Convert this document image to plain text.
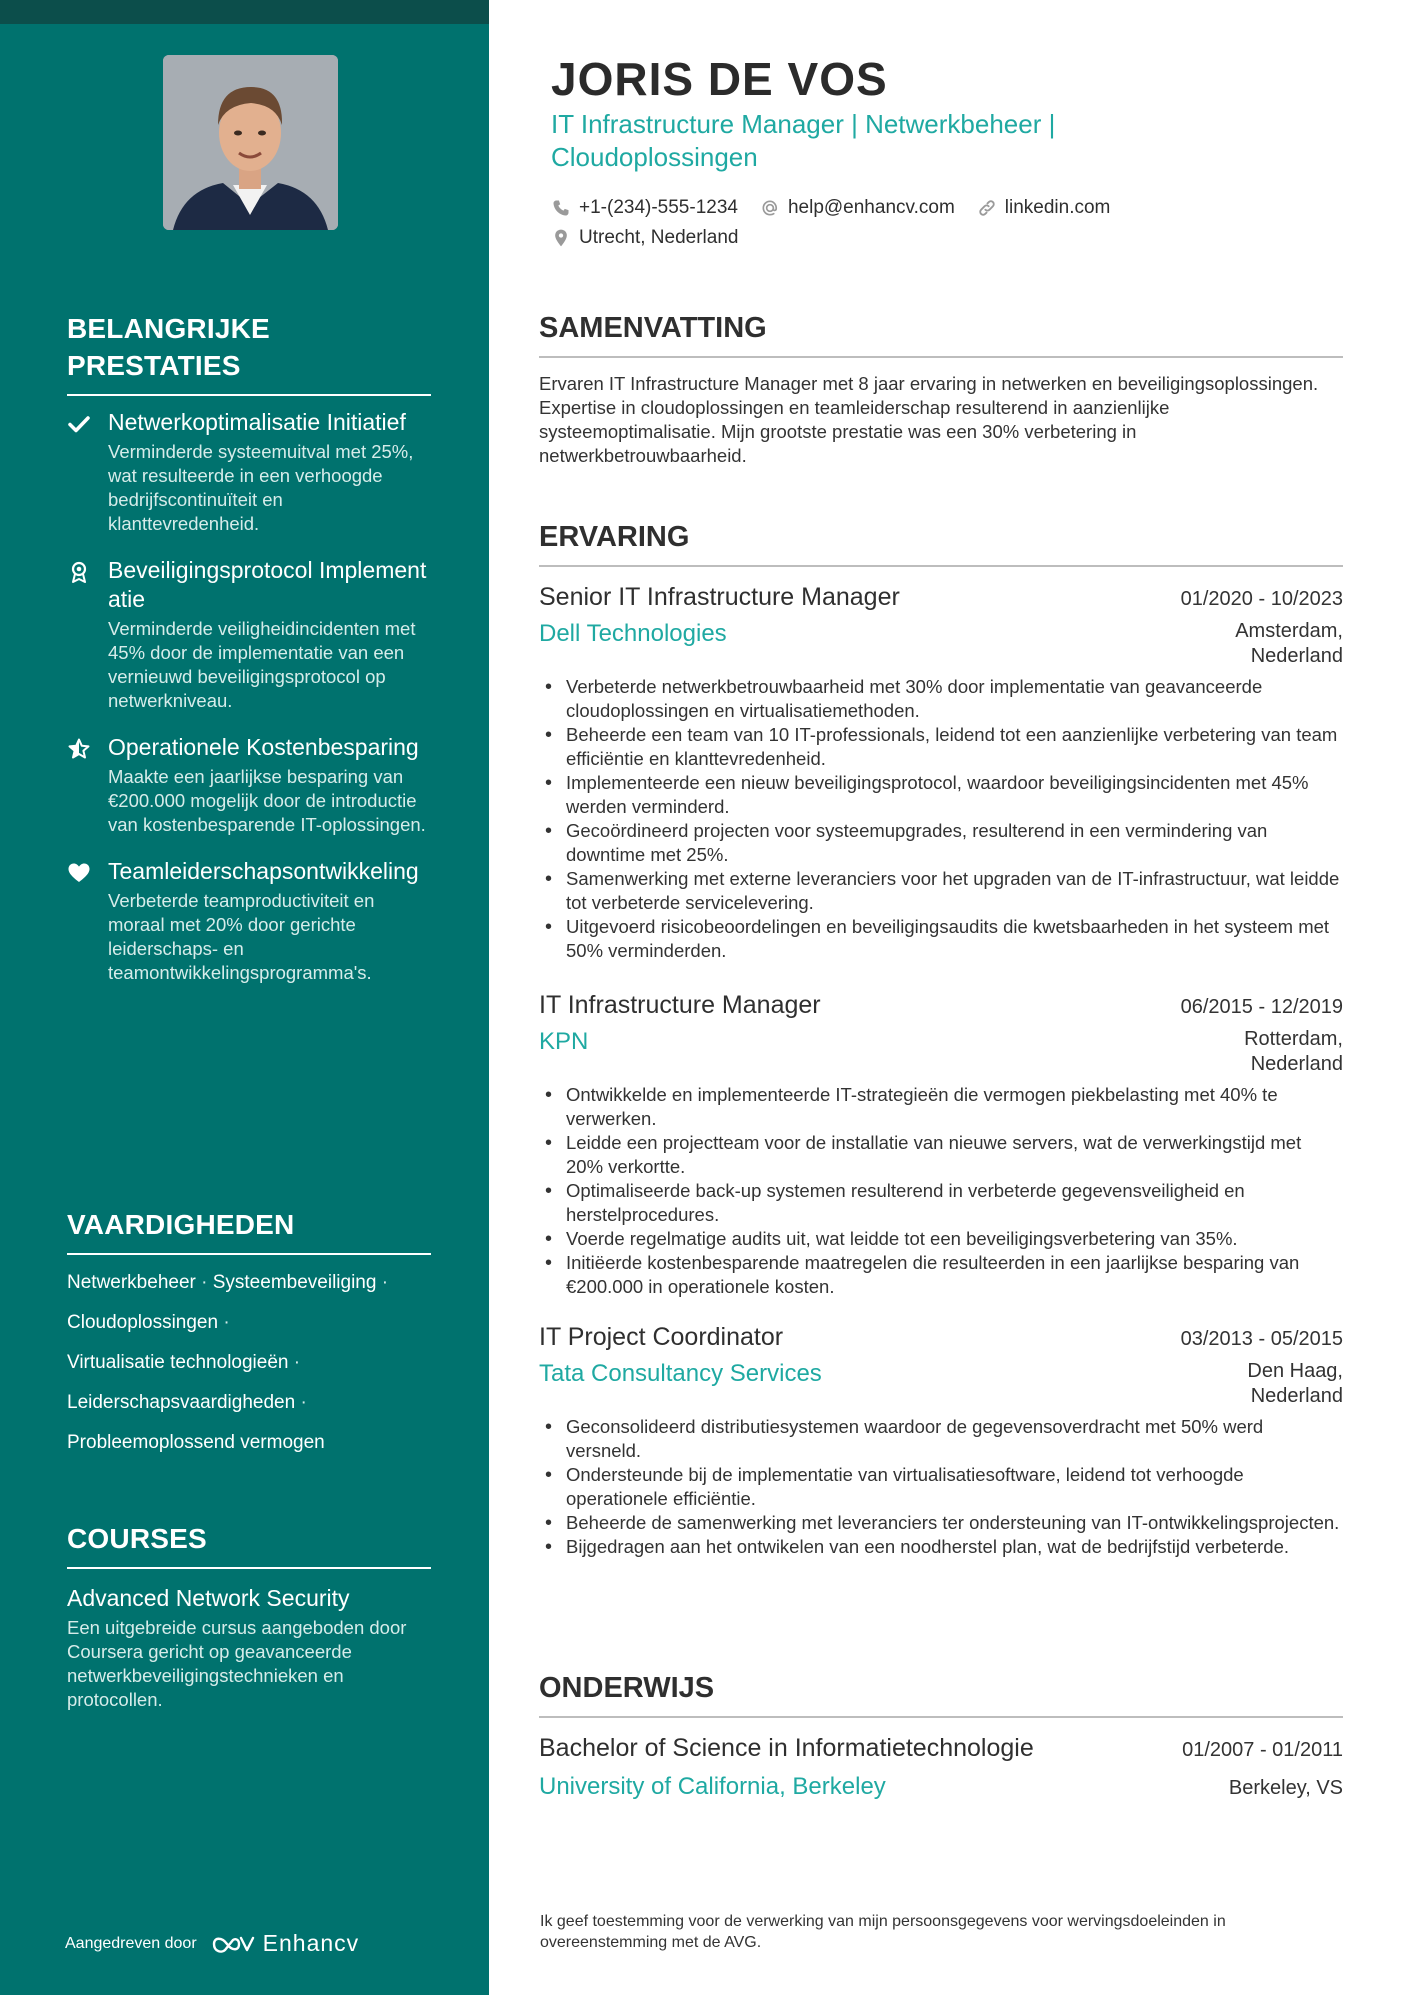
BELANGRIJKE PRESTATIES
Netwerkoptimalisatie Initiatief
Verminderde systeemuitval met 25%, wat resulteerde in een verhoogde bedrijfscontinuïteit en klanttevredenheid.
Beveiligingsprotocol Implementatie
Verminderde veiligheidincidenten met 45% door de implementatie van een vernieuwd beveiligingsprotocol op netwerkniveau.
Operationele Kostenbesparing
Maakte een jaarlijkse besparing van €200.000 mogelijk door de introductie van kostenbesparende IT-oplossingen.
Teamleiderschapsontwikkeling
Verbeterde teamproductiviteit en moraal met 20% door gerichte leiderschaps- en teamontwikkelingsprogramma's.
VAARDIGHEDEN
Netwerkbeheer · Systeembeveiliging ·
Cloudoplossingen ·
Virtualisatie technologieën ·
Leiderschapsvaardigheden ·
Probleemoplossend vermogen
COURSES
Advanced Network Security
Een uitgebreide cursus aangeboden door Coursera gericht op geavanceerde netwerkbeveiligingstechnieken en protocollen.
Aangedreven door	Enhancv
JORIS DE VOS
IT Infrastructure Manager | Netwerkbeheer | Cloudoplossingen
+1-(234)-555-1234	help@enhancv.com	linkedin.com
Utrecht, Nederland
SAMENVATTING

Ervaren IT Infrastructure Manager met 8 jaar ervaring in netwerken en beveiligingsoplossingen. Expertise in cloudoplossingen en teamleiderschap resulterend in aanzienlijke systeemoptimalisatie. Mijn grootste prestatie was een 30% verbetering in netwerkbetrouwbaarheid.

ERVARING
Senior IT Infrastructure Manager	01/2020 - 10/2023
Dell Technologies	Amsterdam, Nederland
• Verbeterde netwerkbetrouwbaarheid met 30% door implementatie van geavanceerde cloudoplossingen en virtualisatiemethoden.
• Beheerde een team van 10 IT-professionals, leidend tot een aanzienlijke verbetering van team efficiëntie en klanttevredenheid.
• Implementeerde een nieuw beveiligingsprotocol, waardoor beveiligingsincidenten met 45% werden verminderd.
• Gecoördineerd projecten voor systeemupgrades, resulterend in een vermindering van downtime met 25%.
• Samenwerking met externe leveranciers voor het upgraden van de IT-infrastructuur, wat leidde tot verbeterde servicelevering.
• Uitgevoerd risicobeoordelingen en beveiligingsaudits die kwetsbaarheden in het systeem met 50% verminderden.
IT Infrastructure Manager	06/2015 - 12/2019
KPN	Rotterdam, Nederland
• Ontwikkelde en implementeerde IT-strategieën die vermogen piekbelasting met 40% te verwerken.
• Leidde een projectteam voor de installatie van nieuwe servers, wat de verwerkingstijd met 20% verkortte.
• Optimaliseerde back-up systemen resulterend in verbeterde gegevensveiligheid en herstelprocedures.
• Voerde regelmatige audits uit, wat leidde tot een beveiligingsverbetering van 35%.
• Initiëerde kostenbesparende maatregelen die resulteerden in een jaarlijkse besparing van €200.000 in operationele kosten.
IT Project Coordinator	03/2013 - 05/2015
Tata Consultancy Services	Den Haag, Nederland
• Geconsolideerd distributiesystemen waardoor de gegevensoverdracht met 50% werd versneld.
• Ondersteunde bij de implementatie van virtualisatiesoftware, leidend tot verhoogde operationele efficiëntie.
• Beheerde de samenwerking met leveranciers ter ondersteuning van IT-ontwikkelingsprojecten.
• Bijgedragen aan het ontwikelen van een noodherstel plan, wat de bedrijfstijd verbeterde.
ONDERWIJS
Bachelor of Science in Informatietechnologie	01/2007 - 01/2011
University of California, Berkeley	Berkeley, VS
Ik geef toestemming voor de verwerking van mijn persoonsgegevens voor wervingsdoeleinden in overeenstemming met de AVG.
